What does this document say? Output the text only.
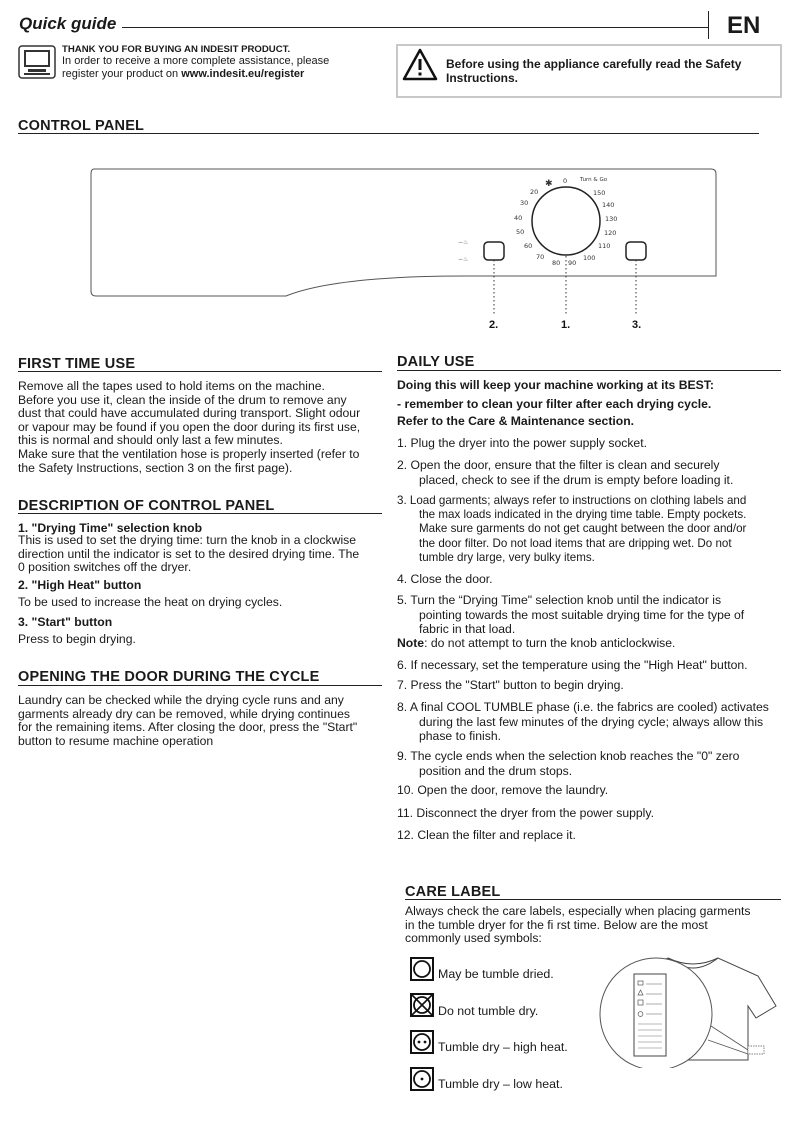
Quick guide	EN
THANK YOU FOR BUYING AN INDESIT PRODUCT.
In order to receive a more complete assistance, please
register your product on www.indesit.eu/register
Before using the appliance carefully read the Safety Instructions.
CONTROL PANEL
−♨
−♨
✱ 0 Turn & Go
150
140
130
120
110
100
90
80
70
60
50
40
30
20
2.	1.	3.
FIRST TIME USE
Remove all the tapes used to hold items on the machine.
Before you use it, clean the inside of the drum to remove any
dust that could have accumulated during transport. Slight odour
or vapour may be found if you open the door during its first use,
this is normal and should only last a few minutes.
Make sure that the ventilation hose is properly inserted (refer to
the Safety Instructions, section 3 on the first page).
DESCRIPTION OF CONTROL PANEL
1. "Drying Time" selection knob
This is used to set the drying time: turn the knob in a clockwise
direction until the indicator is set to the desired drying time. The
0 position switches off the dryer.
2. "High Heat" button
To be used to increase the heat on drying cycles.
3. "Start" button
Press to begin drying.
OPENING THE DOOR DURING THE CYCLE
Laundry can be checked while the drying cycle runs and any
garments already dry can be removed, while drying continues
for the remaining items. After closing the door, press the "Start"
button to resume machine operation
DAILY USE
Doing this will keep your machine working at its BEST:
- remember to clean your filter after each drying cycle.
Refer to the Care & Maintenance section.
1. Plug the dryer into the power supply socket.
2. Open the door, ensure that the filter is clean and securely
placed, check to see if the drum is empty before loading it.
3. Load garments; always refer to instructions on clothing labels and
the max loads indicated in the drying time table. Empty pockets.
Make sure garments do not get caught between the door and/or
the door filter. Do not load items that are dripping wet. Do not
tumble dry large, very bulky items.
4. Close the door.
5. Turn the “Drying Time" selection knob until the indicator is
pointing towards the most suitable drying time for the type of
fabric in that load.
Note: do not attempt to turn the knob anticlockwise.
6. If necessary, set the temperature using the "High Heat" button.
7. Press the "Start" button to begin drying.
8. A final COOL TUMBLE phase (i.e. the fabrics are cooled) activates
during the last few minutes of the drying cycle; always allow this
phase to finish.
9. The cycle ends when the selection knob reaches the "0" zero
position and the drum stops.
10. Open the door, remove the laundry.
11. Disconnect the dryer from the power supply.
12. Clean the filter and replace it.
CARE LABEL
Always check the care labels, especially when placing garments
in the tumble dryer for the fi rst time. Below are the most
commonly used symbols:
May be tumble dried.
Do not tumble dry.
Tumble dry – high heat.
Tumble dry – low heat.
